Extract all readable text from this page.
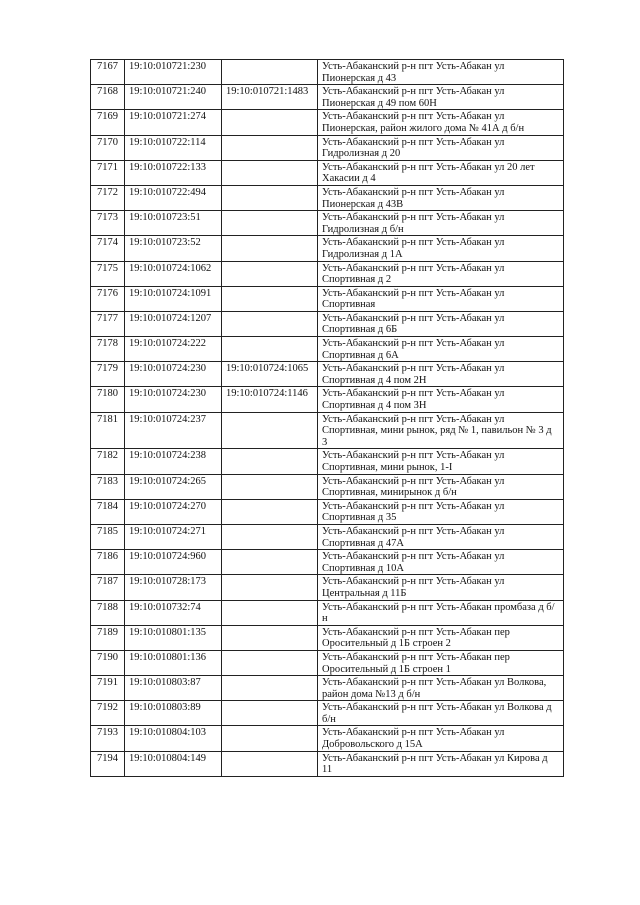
7167	19:10:010721:230		Усть-Абаканский р-н пгт Усть-Абакан ул Пионерская д 43
7168	19:10:010721:240	19:10:010721:1483	Усть-Абаканский р-н пгт Усть-Абакан ул Пионерская д 49 пом 60Н
7169	19:10:010721:274		Усть-Абаканский р-н пгт Усть-Абакан ул Пионерская, район жилого дома № 41А д б/н
7170	19:10:010722:114		Усть-Абаканский р-н пгт Усть-Абакан ул Гидролизная д 20
7171	19:10:010722:133		Усть-Абаканский р-н пгт Усть-Абакан ул 20 лет Хакасии д 4
7172	19:10:010722:494		Усть-Абаканский р-н пгт Усть-Абакан ул Пионерская д 43В
7173	19:10:010723:51		Усть-Абаканский р-н пгт Усть-Абакан ул Гидролизная д б/н
7174	19:10:010723:52		Усть-Абаканский р-н пгт Усть-Абакан ул Гидролизная д 1А
7175	19:10:010724:1062		Усть-Абаканский р-н пгт Усть-Абакан ул Спортивная д 2
7176	19:10:010724:1091		Усть-Абаканский р-н пгт Усть-Абакан ул Спортивная
7177	19:10:010724:1207		Усть-Абаканский р-н пгт Усть-Абакан ул Спортивная д 6Б
7178	19:10:010724:222		Усть-Абаканский р-н пгт Усть-Абакан ул Спортивная д 6А
7179	19:10:010724:230	19:10:010724:1065	Усть-Абаканский р-н пгт Усть-Абакан ул Спортивная д 4 пом 2Н
7180	19:10:010724:230	19:10:010724:1146	Усть-Абаканский р-н пгт Усть-Абакан ул Спортивная д 4 пом 3Н
7181	19:10:010724:237		Усть-Абаканский р-н пгт Усть-Абакан ул Спортивная, мини рынок, ряд № 1, павильон № 3 д 3
7182	19:10:010724:238		Усть-Абаканский р-н пгт Усть-Абакан ул Спортивная, мини рынок, 1-I
7183	19:10:010724:265		Усть-Абаканский р-н пгт Усть-Абакан ул Спортивная, минирынок д б/н
7184	19:10:010724:270		Усть-Абаканский р-н пгт Усть-Абакан ул Спортивная д 35
7185	19:10:010724:271		Усть-Абаканский р-н пгт Усть-Абакан ул Спортивная д 47А
7186	19:10:010724:960		Усть-Абаканский р-н пгт Усть-Абакан ул Спортивная д 10А
7187	19:10:010728:173		Усть-Абаканский р-н пгт Усть-Абакан ул Центральная д 11Б
7188	19:10:010732:74		Усть-Абаканский р-н пгт Усть-Абакан промбаза д б/н
7189	19:10:010801:135		Усть-Абаканский р-н пгт Усть-Абакан пер Оросительный д 1Б строен 2
7190	19:10:010801:136		Усть-Абаканский р-н пгт Усть-Абакан пер Оросительный д 1Б строен 1
7191	19:10:010803:87		Усть-Абаканский р-н пгт Усть-Абакан ул Волкова, район дома №13 д б/н
7192	19:10:010803:89		Усть-Абаканский р-н пгт Усть-Абакан ул Волкова д б/н
7193	19:10:010804:103		Усть-Абаканский р-н пгт Усть-Абакан ул Добровольского д 15А
7194	19:10:010804:149		Усть-Абаканский р-н пгт Усть-Абакан ул Кирова д 11
